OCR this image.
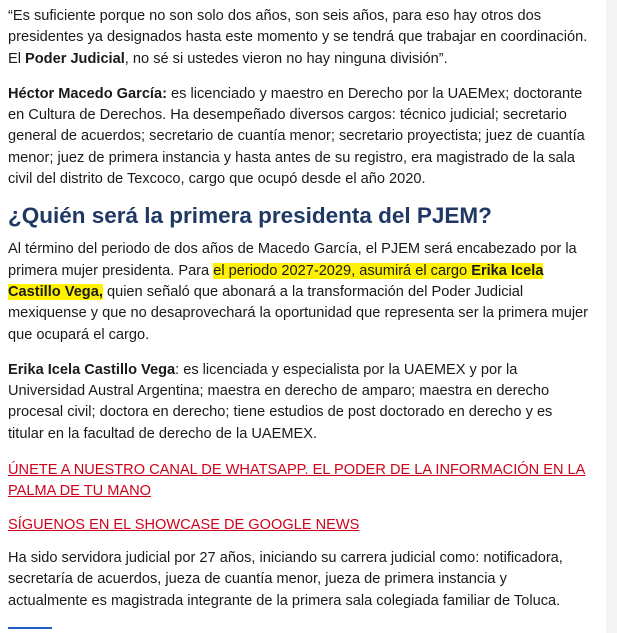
“Es suficiente porque no son solo dos años, son seis años, para eso hay otros dos presidentes ya designados hasta este momento y se tendrá que trabajar en coordinación. El Poder Judicial, no sé si ustedes vieron no hay ninguna división”.

Héctor Macedo García: es licenciado y maestro en Derecho por la UAEMex; doctorante en Cultura de Derechos. Ha desempeñado diversos cargos: técnico judicial; secretario general de acuerdos; secretario de cuantía menor; secretario proyectista; juez de cuantía menor; juez de primera instancia y hasta antes de su registro, era magistrado de la sala civil del distrito de Texcoco, cargo que ocupó desde el año 2020.

¿Quién será la primera presidenta del PJEM?

Al término del periodo de dos años de Macedo García, el PJEM será encabezado por la primera mujer presidenta. Para el periodo 2027-2029, asumirá el cargo Erika Icela Castillo Vega, quien señaló que abonará a la transformación del Poder Judicial mexiquense y que no desaprovechará la oportunidad que representa ser la primera mujer que ocupará el cargo.

Erika Icela Castillo Vega: es licenciada y especialista por la UAEMEX y por la Universidad Austral Argentina; maestra en derecho de amparo; maestra en derecho procesal civil; doctora en derecho; tiene estudios de post doctorado en derecho y es titular en la facultad de derecho de la UAEMEX.

ÚNETE A NUESTRO CANAL DE WHATSAPP. EL PODER DE LA INFORMACIÓN EN LA PALMA DE TU MANO

SÍGUENOS EN EL SHOWCASE DE GOOGLE NEWS

Ha sido servidora judicial por 27 años, iniciando su carrera judicial como: notificadora, secretaría de acuerdos, jueza de cuantía menor, jueza de primera instancia y actualmente es magistrada integrante de la primera sala colegiada familiar de Toluca.
